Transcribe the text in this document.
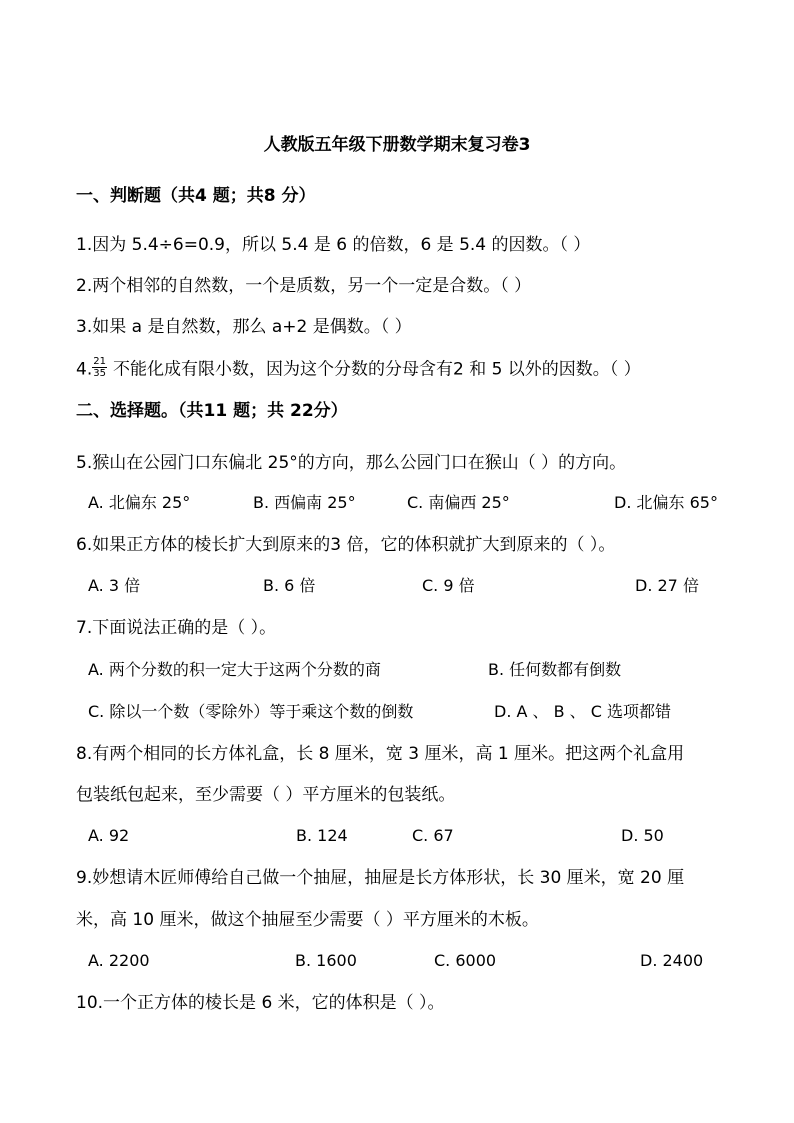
人教版五年级下册数学期末复习卷3
一、判断题（共4 题；共8 分）
1.因为 5.4÷6=0.9，所以 5.4 是 6 的倍数，6 是 5.4 的因数。（ ）
2.两个相邻的自然数，一个是质数，另一个一定是合数。（ ）
3.如果 a 是自然数，那么 a+2 是偶数。（ ）
4. $\frac{21}{35}$ 不能化成有限小数，因为这个分数的分母含有2 和 5 以外的因数。（ ）
二、选择题。（共11 题；共 22分）
5.猴山在公园门口东偏北 25°的方向，那么公园门口在猴山（ ）的方向。
A. 北偏东 25°	B. 西偏南 25°	C. 南偏西 25°	D. 北偏东 65°
6.如果正方体的棱长扩大到原来的3 倍，它的体积就扩大到原来的（ ）。
A. 3 倍	B. 6 倍	C. 9 倍	D. 27 倍
7.下面说法正确的是（ ）。
A. 两个分数的积一定大于这两个分数的商	B. 任何数都有倒数
C. 除以一个数（零除外）等于乘这个数的倒数	D. A 、 B 、 C 选项都错
8.有两个相同的长方体礼盒，长 8 厘米，宽 3 厘米，高 1 厘米。把这两个礼盒用
包装纸包起来，至少需要（ ）平方厘米的包装纸。
A. 92	B. 124	C. 67	D. 50
9.妙想请木匠师傅给自己做一个抽屉，抽屉是长方体形状，长 30 厘米，宽 20 厘
米，高 10 厘米，做这个抽屉至少需要（ ）平方厘米的木板。
A. 2200	B. 1600	C. 6000	D. 2400
10.一个正方体的棱长是 6 米，它的体积是（ ）。
